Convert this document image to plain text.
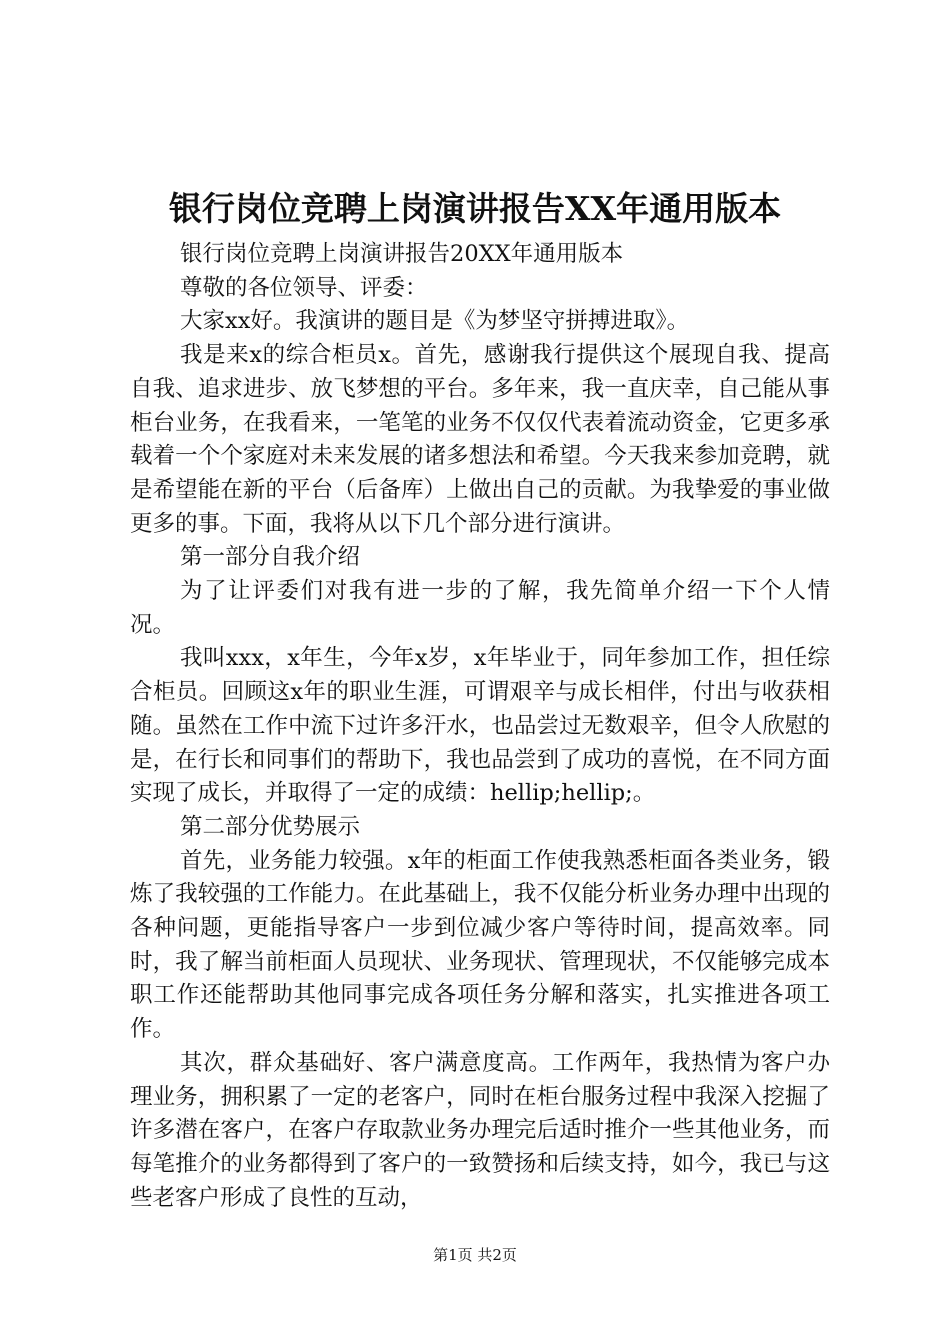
银行岗位竞聘上岗演讲报告XX年通用版本

银行岗位竞聘上岗演讲报告20XX年通用版本

尊敬的各位领导、评委：

大家xx好。我演讲的题目是《为梦坚守拼搏进取》。

我是来x的综合柜员x。首先，感谢我行提供这个展现自我、提高自我、追求进步、放飞梦想的平台。多年来，我一直庆幸，自己能从事柜台业务，在我看来，一笔笔的业务不仅仅代表着流动资金，它更多承载着一个个家庭对未来发展的诸多想法和希望。今天我来参加竞聘，就是希望能在新的平台（后备库）上做出自己的贡献。为我挚爱的事业做更多的事。下面，我将从以下几个部分进行演讲。

第一部分自我介绍

为了让评委们对我有进一步的了解，我先简单介绍一下个人情况。

我叫xxx，x年生，今年x岁，x年毕业于，同年参加工作，担任综合柜员。回顾这x年的职业生涯，可谓艰辛与成长相伴，付出与收获相随。虽然在工作中流下过许多汗水，也品尝过无数艰辛，但令人欣慰的是，在行长和同事们的帮助下，我也品尝到了成功的喜悦，在不同方面实现了成长，并取得了一定的成绩：hellip;hellip;。

第二部分优势展示

首先，业务能力较强。x年的柜面工作使我熟悉柜面各类业务，锻炼了我较强的工作能力。在此基础上，我不仅能分析业务办理中出现的各种问题，更能指导客户一步到位减少客户等待时间，提高效率。同时，我了解当前柜面人员现状、业务现状、管理现状，不仅能够完成本职工作还能帮助其他同事完成各项任务分解和落实，扎实推进各项工作。

其次，群众基础好、客户满意度高。工作两年，我热情为客户办理业务，拥积累了一定的老客户，同时在柜台服务过程中我深入挖掘了许多潜在客户，在客户存取款业务办理完后适时推介一些其他业务，而每笔推介的业务都得到了客户的一致赞扬和后续支持，如今，我已与这些老客户形成了良性的互动，

第1页 共2页
